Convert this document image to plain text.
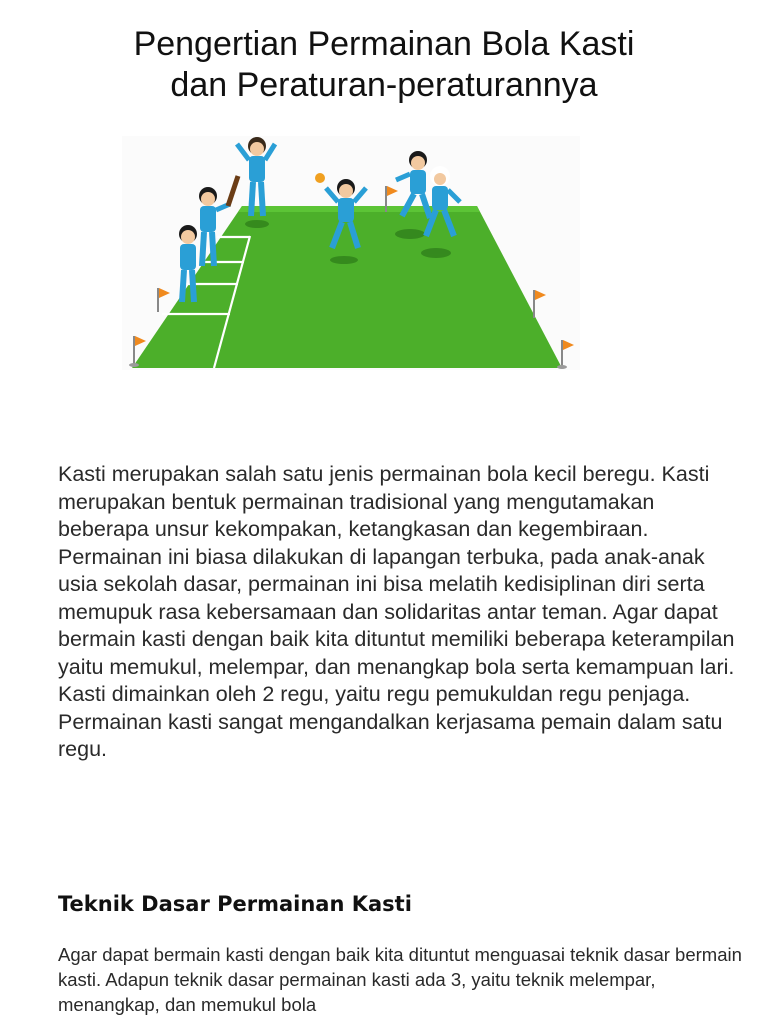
Pengertian Permainan Bola Kasti
dan Peraturan-peraturannya

Kasti merupakan salah satu jenis permainan bola kecil beregu. Kasti merupakan bentuk permainan tradisional yang mengutamakan beberapa unsur kekompakan, ketangkasan dan kegembiraan.

Permainan ini biasa dilakukan di lapangan terbuka, pada anak-anak usia sekolah dasar, permainan ini bisa melatih kedisiplinan diri serta memupuk rasa kebersamaan dan solidaritas antar teman. Agar dapat bermain kasti dengan baik kita dituntut memiliki beberapa keterampilan yaitu memukul, melempar, dan menangkap bola serta kemampuan lari.

Kasti dimainkan oleh 2 regu, yaitu regu pemukuldan regu penjaga. Permainan kasti sangat mengandalkan kerjasama pemain dalam satu regu.

Teknik Dasar Permainan Kasti

Agar dapat bermain kasti dengan baik kita dituntut menguasai teknik dasar bermain kasti. Adapun teknik dasar permainan kasti ada 3, yaitu teknik melempar, menangkap, dan memukul bola
